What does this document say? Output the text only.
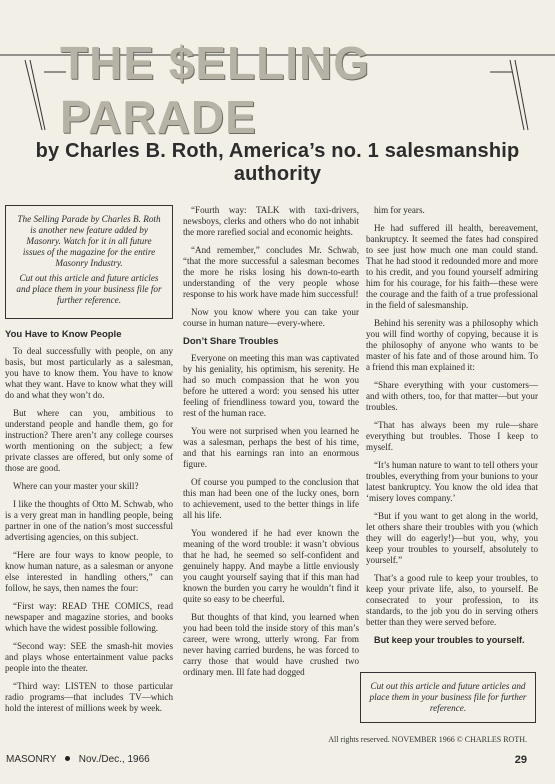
THE $ELLING PARADE
by Charles B. Roth, America’s no. 1 salesmanship authority

The Selling Parade by Charles B. Roth is another new feature added by Masonry. Watch for it in all future issues of the magazine for the entire Masonry Industry.

Cut out this article and future articles and place them in your business file for further reference.

You Have to Know People

To deal successfully with people, on any basis, but most particularly as a salesman, you have to know them. You have to know what they want. Have to know what they will do and what they won’t do.

But where can you, ambitious to understand people and handle them, go for instruction? There aren’t any college courses worth mentioning on the subject; a few private classes are offered, but only some of those are good.

Where can your master your skill?

I like the thoughts of Otto M. Schwab, who is a very great man in handling people, being partner in one of the nation’s most successful advertising agencies, on this subject.

“Here are four ways to know people, to know human nature, as a salesman or anyone else interested in handling others,” can follow, he says, then names the four:

“First way: READ THE COMICS, read newspaper and magazine stories, and books which have the widest possible following.

“Second way: SEE the smash-hit movies and plays whose entertainment value packs people into the theater.

“Third way: LISTEN to those particular radio programs—that includes TV—which hold the interest of millions week by week.

“Fourth way: TALK with taxi-drivers, newsboys, clerks and others who do not inhabit the more rarefied social and economic heights.

“And remember,” concludes Mr. Schwab, “that the more successful a salesman becomes the more he risks losing his down-to-earth understanding of the very people whose response to his work have made him successful!

Now you know where you can take your course in human nature—every-where.

Don’t Share Troubles

Everyone on meeting this man was captivated by his geniality, his optimism, his serenity. He had so much compassion that he won you before he uttered a word: you sensed his utter feeling of friendliness toward you, toward the rest of the human race.

You were not surprised when you learned he was a salesman, perhaps the best of his time, and that his earnings ran into an enormous figure.

Of course you pumped to the conclusion that this man had been one of the lucky ones, born to achievement, used to the better things in life all his life.

You wondered if he had ever known the meaning of the word trouble: it wasn’t obvious that he had, he seemed so self-confident and genuinely happy. And maybe a little enviously you caught yourself saying that if this man had known the burden you carry he wouldn’t find it quite so easy to be cheerful.

But thoughts of that kind, you learned when you had been told the inside story of this man’s career, were wrong, utterly wrong. Far from never having carried burdens, he was forced to carry those that would have crushed two ordinary men. Ill fate had dogged

him for years.

He had suffered ill health, bereavement, bankruptcy. It seemed the fates had conspired to see just how much one man could stand. That he had stood it redounded more and more to his credit, and you found yourself admiring him for his courage, for his faith—these were the courage and the faith of a true professional in the field of salesmanship.

Behind his serenity was a philosophy which you will find worthy of copying, because it is the philosophy of anyone who wants to be master of his fate and of those around him. To a friend this man explained it:

“Share everything with your customers—and with others, too, for that matter—but your troubles.

“That has always been my rule—share everything but troubles. Those I keep to myself.

“It’s human nature to want to tell others your troubles, everything from your bunions to your latest bankruptcy. You know the old idea that ‘misery loves company.’

“But if you want to get along in the world, let others share their troubles with you (which they will do eagerly!)—but you, why, you keep your troubles to yourself, absolutely to yourself.”

That’s a good rule to keep your troubles, to keep your private life, also, to yourself. Be consecrated to your profession, to its standards, to the job you do in serving others better than they were served before.

But keep your troubles to yourself.

Cut out this article and future articles and place them in your business file for further reference.
All rights reserved. NOVEMBER 1966 © CHARLES ROTH.
MASONRY Nov./Dec., 1966	29
